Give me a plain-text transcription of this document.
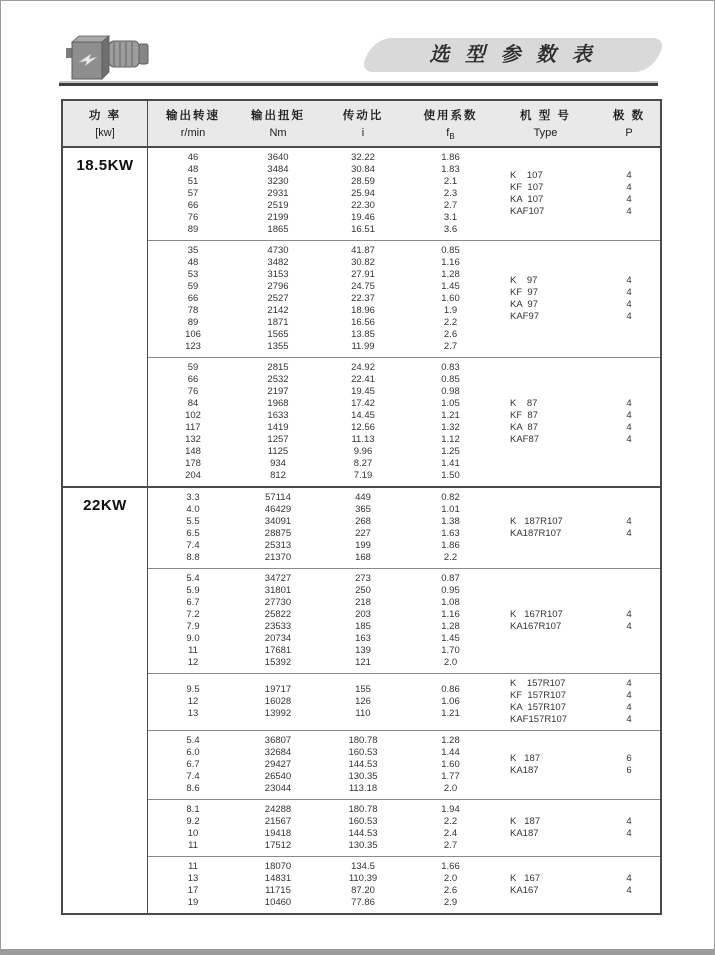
选 型 参 数 表
功 率
[kw]
输出转速
r/min
输出扭矩
Nm
传动比
i
使用系数
$f_B$
机 型 号
Type
极 数
P
18.5KW	46
48
51
57
66
76
89
3640
3484
3230
2931
2519
2199
1865
32.22
30.84
28.59
25.94
22.30
19.46
16.51
1.86
1.83
2.1
2.3
2.7
3.1
3.6
K    107
KF  107
KA  107
KAF107
4
4
4
4
35
48
53
59
66
78
89
106
123
4730
3482
3153
2796
2527
2142
1871
1565
1355
41.87
30.82
27.91
24.75
22.37
18.96
16.56
13.85
11.99
0.85
1.16
1.28
1.45
1.60
1.9
2.2
2.6
2.7
K    97
KF  97
KA  97
KAF97
4
4
4
4
59
66
76
84
102
117
132
148
178
204
2815
2532
2197
1968
1633
1419
1257
1125
934
812
24.92
22.41
19.45
17.42
14.45
12.56
11.13
9.96
8.27
7.19
0.83
0.85
0.98
1.05
1.21
1.32
1.12
1.25
1.41
1.50
K    87
KF  87
KA  87
KAF87
4
4
4
4
22KW	3.3
4.0
5.5
6.5
7.4
8.8
57114
46429
34091
28875
25313
21370
449
365
268
227
199
168
0.82
1.01
1.38
1.63
1.86
2.2
K   187R107
KA187R107
4
4
5.4
5.9
6.7
7.2
7.9
9.0
11
12
34727
31801
27730
25822
23533
20734
17681
15392
273
250
218
203
185
163
139
121
0.87
0.95
1.08
1.16
1.28
1.45
1.70
2.0
K   167R107
KA167R107
4
4
9.5
12
13
19717
16028
13992
155
126
110
0.86
1.06
1.21
K    157R107
KF  157R107
KA  157R107
KAF157R107
4
4
4
4
5.4
6.0
6.7
7.4
8.6
36807
32684
29427
26540
23044
180.78
160.53
144.53
130.35
113.18
1.28
1.44
1.60
1.77
2.0
K   187
KA187
6
6
8.1
9.2
10
11
24288
21567
19418
17512
180.78
160.53
144.53
130.35
1.94
2.2
2.4
2.7
K   187
KA187
4
4
11
13
17
19
18070
14831
11715
10460
134.5
110.39
87.20
77.86
1.66
2.0
2.6
2.9
K   167
KA167
4
4
